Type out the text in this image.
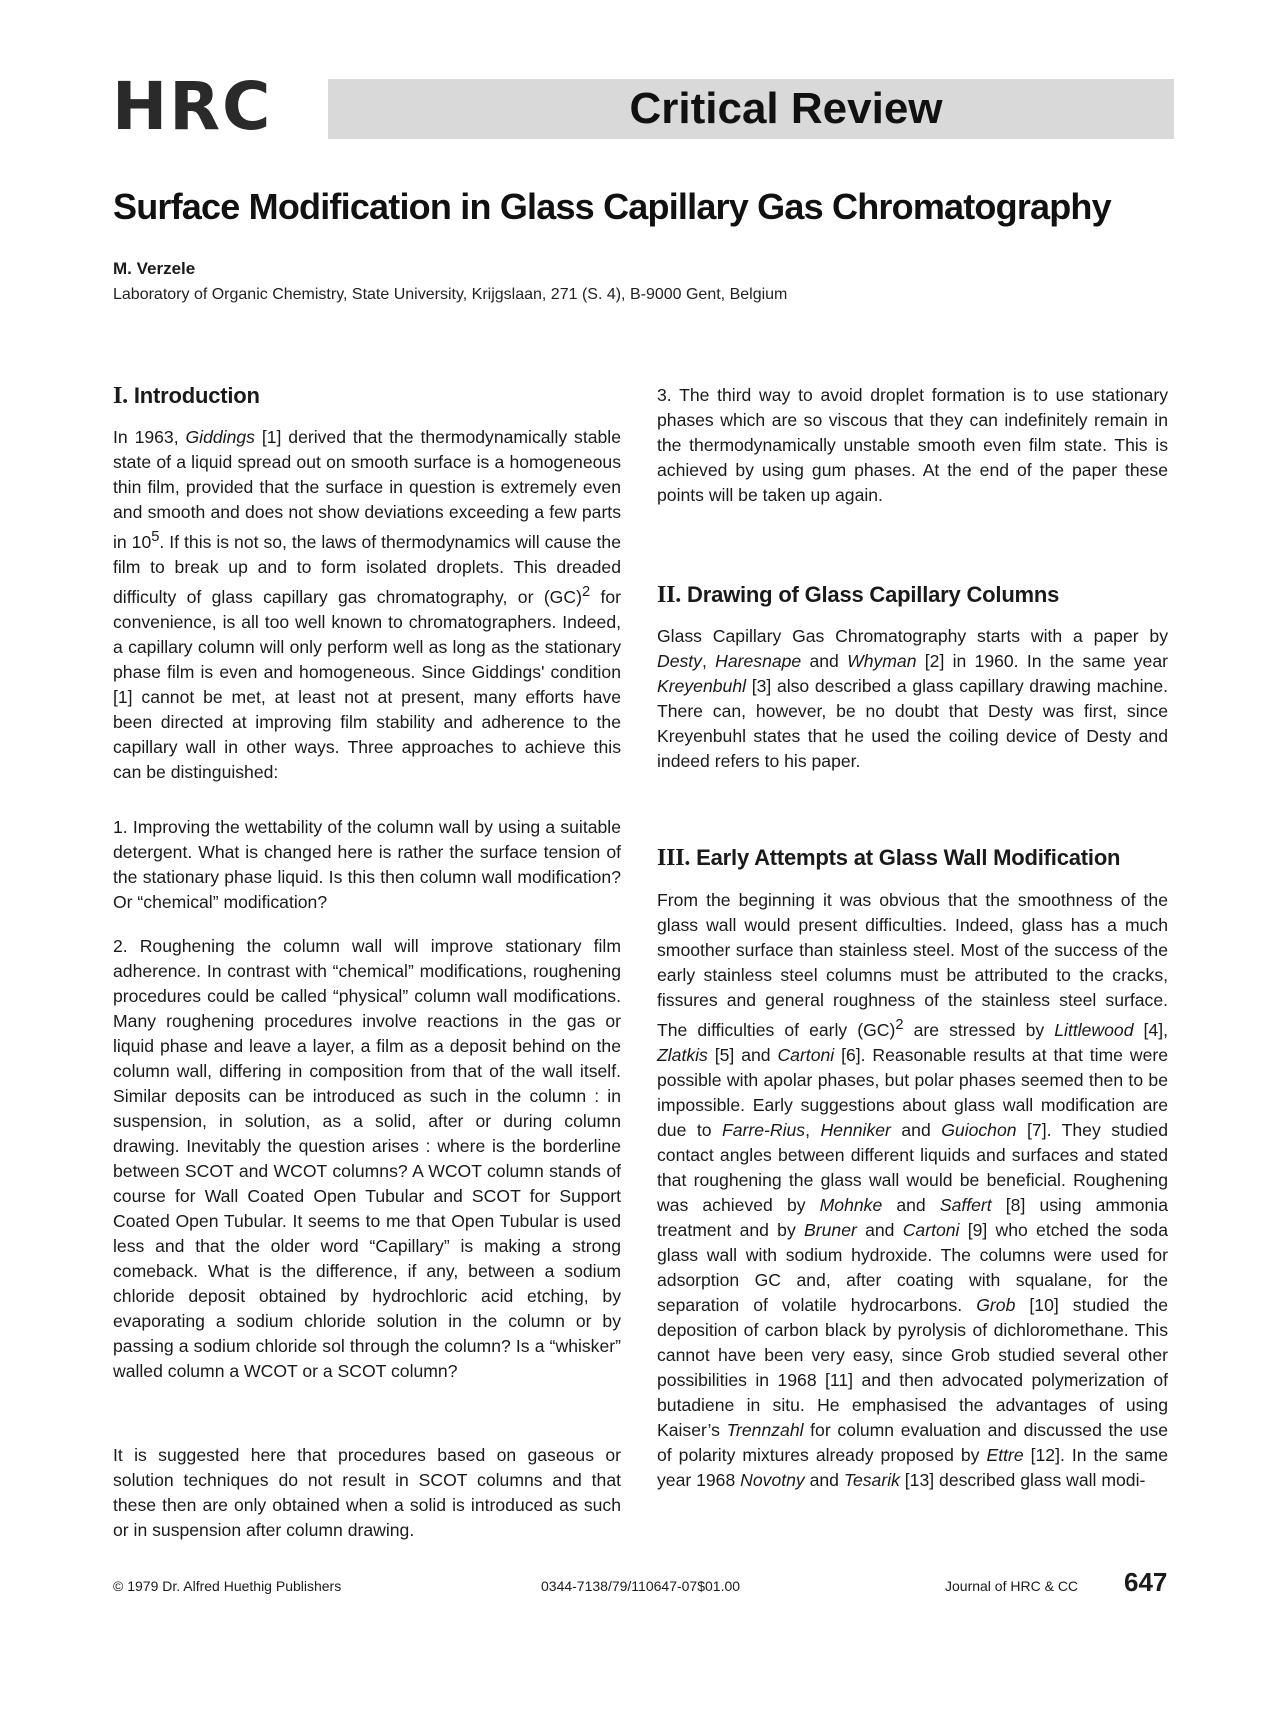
HRC	Critical Review
Surface Modification in Glass Capillary Gas Chromatography

M. Verzele

Laboratory of Organic Chemistry, State University, Krijgslaan, 271 (S. 4), B-9000 Gent, Belgium

I. Introduction

In 1963, Giddings [1] derived that the thermodynamically stable state of a liquid spread out on smooth surface is a homogeneous thin film, provided that the surface in question is extremely even and smooth and does not show deviations exceeding a few parts in $10^5$. If this is not so, the laws of thermodynamics will cause the film to break up and to form isolated droplets. This dreaded difficulty of glass capillary gas chromatography, or (GC)$^2$ for convenience, is all too well known to chromatographers. Indeed, a capillary column will only perform well as long as the stationary phase film is even and homogeneous. Since Giddings' condition [1] cannot be met, at least not at present, many efforts have been directed at improving film stability and adherence to the capillary wall in other ways. Three approaches to achieve this can be distinguished:

1. Improving the wettability of the column wall by using a suitable detergent. What is changed here is rather the surface tension of the stationary phase liquid. Is this then column wall modification? Or “chemical” modification?

2. Roughening the column wall will improve stationary film adherence. In contrast with “chemical” modifications, roughening procedures could be called “physical” column wall modifications. Many roughening procedures involve reactions in the gas or liquid phase and leave a layer, a film as a deposit behind on the column wall, differing in composition from that of the wall itself. Similar deposits can be introduced as such in the column : in suspension, in solution, as a solid, after or during column drawing. Inevitably the question arises : where is the borderline between SCOT and WCOT columns? A WCOT column stands of course for Wall Coated Open Tubular and SCOT for Support Coated Open Tubular. It seems to me that Open Tubular is used less and that the older word “Capillary” is making a strong comeback. What is the difference, if any, between a sodium chloride deposit obtained by hydrochloric acid etching, by evaporating a sodium chloride solution in the column or by passing a sodium chloride sol through the column? Is a “whisker” walled column a WCOT or a SCOT column?

It is suggested here that procedures based on gaseous or solution techniques do not result in SCOT columns and that these then are only obtained when a solid is introduced as such or in suspension after column drawing.

3. The third way to avoid droplet formation is to use stationary phases which are so viscous that they can indefinitely remain in the thermodynamically unstable smooth even film state. This is achieved by using gum phases. At the end of the paper these points will be taken up again.

II. Drawing of Glass Capillary Columns

Glass Capillary Gas Chromatography starts with a paper by Desty, Haresnape and Whyman [2] in 1960. In the same year Kreyenbuhl [3] also described a glass capillary drawing machine. There can, however, be no doubt that Desty was first, since Kreyenbuhl states that he used the coiling device of Desty and indeed refers to his paper.

III. Early Attempts at Glass Wall Modification

From the beginning it was obvious that the smoothness of the glass wall would present difficulties. Indeed, glass has a much smoother surface than stainless steel. Most of the success of the early stainless steel columns must be attributed to the cracks, fissures and general roughness of the stainless steel surface. The difficulties of early (GC)$^2$ are stressed by Littlewood [4], Zlatkis [5] and Cartoni [6]. Reasonable results at that time were possible with apolar phases, but polar phases seemed then to be impossible. Early suggestions about glass wall modification are due to Farre-Rius, Henniker and Guiochon [7]. They studied contact angles between different liquids and surfaces and stated that roughening the glass wall would be beneficial. Roughening was achieved by Mohnke and Saffert [8] using ammonia treatment and by Bruner and Cartoni [9] who etched the soda glass wall with sodium hydroxide. The columns were used for adsorption GC and, after coating with squalane, for the separation of volatile hydrocarbons. Grob [10] studied the deposition of carbon black by pyrolysis of dichloromethane. This cannot have been very easy, since Grob studied several other possibilities in 1968 [11] and then advocated polymerization of butadiene in situ. He emphasised the advantages of using Kaiser’s Trennzahl for column evaluation and discussed the use of polarity mixtures already proposed by Ettre [12]. In the same year 1968 Novotny and Tesarik [13] described glass wall modi-

© 1979 Dr. Alfred Huethig Publishers	0344-7138/79/110647-07$01.00	Journal of HRC & CC 647
